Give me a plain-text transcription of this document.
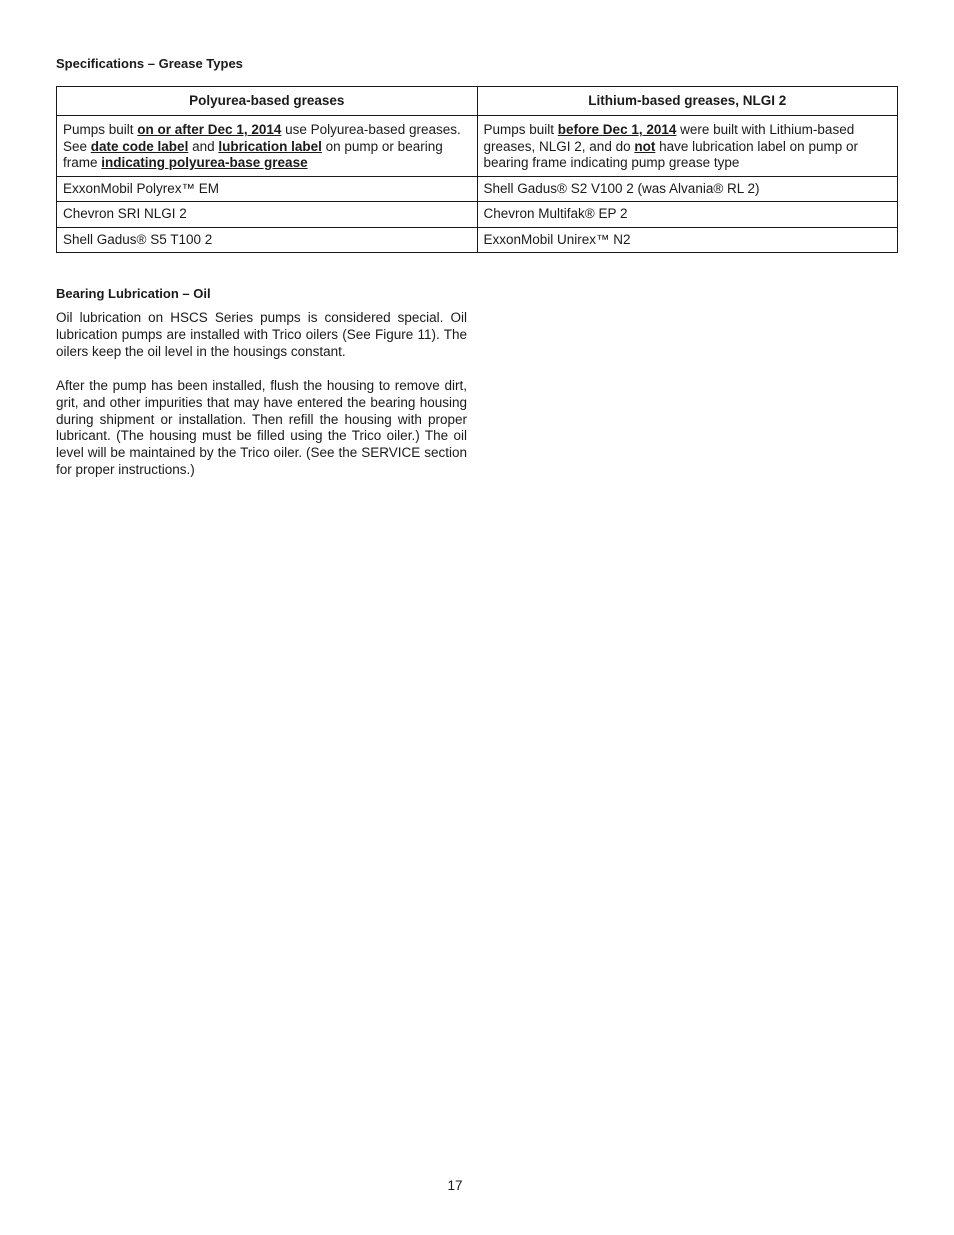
Specifications – Grease Types
Polyurea-based greases	Lithium-based greases, NLGI 2
Pumps built on or after Dec 1, 2014 use Polyurea-based greases. See date code label and lubrication label on pump or bearing frame indicating polyurea-base grease	Pumps built before Dec 1, 2014 were built with Lithium-based greases, NLGI 2, and do not have lubrication label on pump or bearing frame indicating pump grease type
ExxonMobil Polyrex™ EM	Shell Gadus® S2 V100 2 (was Alvania® RL 2)
Chevron SRI NLGI 2	Chevron Multifak® EP 2
Shell Gadus® S5 T100 2	ExxonMobil Unirex™ N2
Bearing Lubrication – Oil

Oil lubrication on HSCS Series pumps is considered special. Oil lubrication pumps are installed with Trico oilers (See Figure 11). The oilers keep the oil level in the housings constant.

After the pump has been installed, flush the housing to remove dirt, grit, and other impurities that may have entered the bearing housing during shipment or installation. Then refill the housing with proper lubricant. (The housing must be filled using the Trico oiler.) The oil level will be maintained by the Trico oiler. (See the SERVICE section for proper instructions.)

17
